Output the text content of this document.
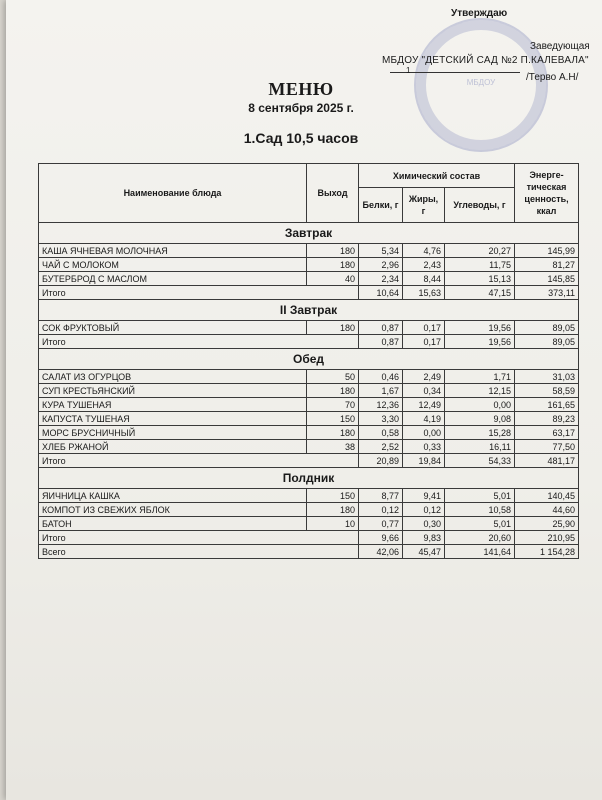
МБДОУ
Утверждаю
Заведующая
МБДОУ "ДЕТСКИЙ САД №2 П.КАЛЕВАЛА"
1
/Терво А.Н/
МЕНЮ
8 сентября 2025 г.
1.Сад 10,5 часов
Наименование блюда	Выход	Химический состав			Энерге-тическая ценность, ккал
		Белки, г	Жиры, г	Углеводы, г	
Завтрак					
КАША ЯЧНЕВАЯ МОЛОЧНАЯ	180	5,34	4,76	20,27	145,99
ЧАЙ С МОЛОКОМ	180	2,96	2,43	11,75	81,27
БУТЕРБРОД С МАСЛОМ	40	2,34	8,44	15,13	145,85
Итого		10,64	15,63	47,15	373,11
II Завтрак					
СОК ФРУКТОВЫЙ	180	0,87	0,17	19,56	89,05
Итого		0,87	0,17	19,56	89,05
Обед					
САЛАТ ИЗ ОГУРЦОВ	50	0,46	2,49	1,71	31,03
СУП КРЕСТЬЯНСКИЙ	180	1,67	0,34	12,15	58,59
КУРА ТУШЕНАЯ	70	12,36	12,49	0,00	161,65
КАПУСТА ТУШЕНАЯ	150	3,30	4,19	9,08	89,23
МОРС БРУСНИЧНЫЙ	180	0,58	0,00	15,28	63,17
ХЛЕБ РЖАНОЙ	38	2,52	0,33	16,11	77,50
Итого		20,89	19,84	54,33	481,17
Полдник					
ЯИЧНИЦА КАШКА	150	8,77	9,41	5,01	140,45
КОМПОТ ИЗ СВЕЖИХ ЯБЛОК	180	0,12	0,12	10,58	44,60
БАТОН	10	0,77	0,30	5,01	25,90
Итого		9,66	9,83	20,60	210,95
Всего		42,06	45,47	141,64	1 154,28
